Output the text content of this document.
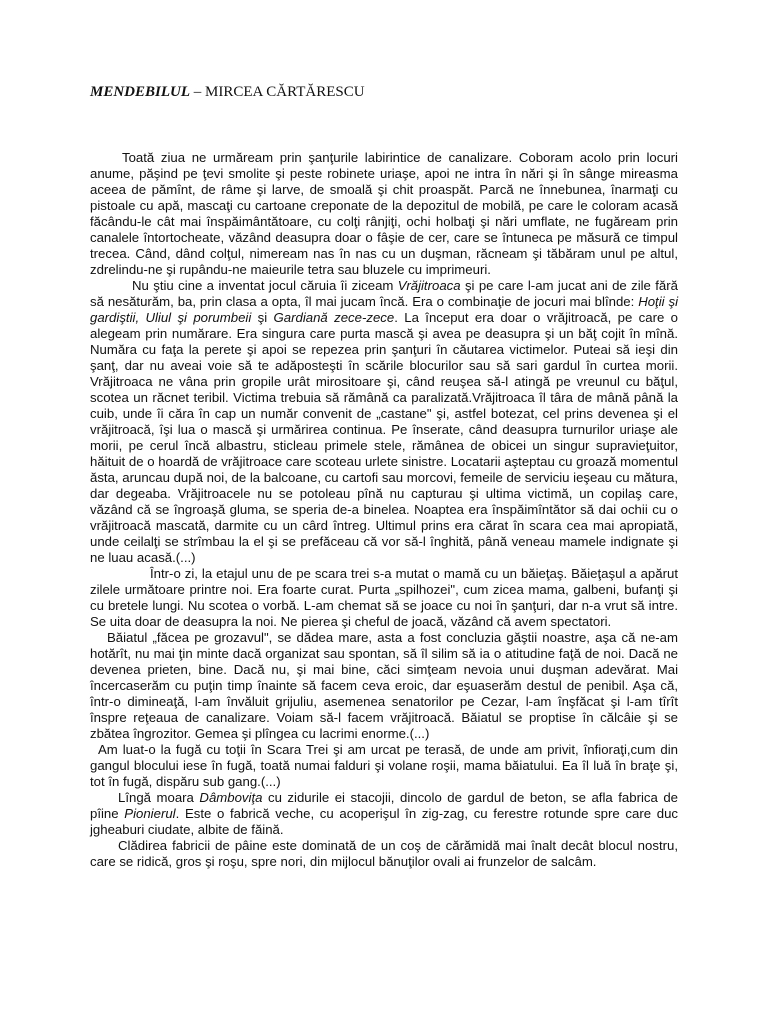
MENDEBILUL – MIRCEA CĂRTĂRESCU

Toată ziua ne urmăream prin şanţurile labirintice de canalizare. Coboram acolo prin locuri anume, păşind pe ţevi smolite şi peste robinete uriaşe, apoi ne intra în nări şi în sânge mireasma aceea de pămînt, de râme şi larve, de smoală şi chit proaspăt. Parcă ne înnebunea, înarmaţi cu pistoale cu apă, mascaţi cu cartoane creponate de la depozitul de mobilă, pe care le coloram acasă făcându-le cât mai înspăimântătoare, cu colţi rânjiţi, ochi holbaţi şi nări umflate, ne fugăream prin canalele întortocheate, văzând deasupra doar o fâşie de cer, care se întuneca pe măsură ce timpul trecea. Când, dând colţul, nimeream nas în nas cu un duşman, răcneam şi tăbăram unul pe altul, zdrelindu-ne şi rupându-ne maieurile tetra sau bluzele cu imprimeuri.

Nu ştiu cine a inventat jocul căruia îi ziceam Vrăjitroaca şi pe care l-am jucat ani de zile fără să nesăturăm, ba, prin clasa a opta, îl mai jucam încă. Era o combinaţie de jocuri mai blînde: Hoţii şi gardiştii, Uliul şi porumbeii şi Gardiană zece-zece. La început era doar o vrăjitroacă, pe care o alegeam prin numărare. Era singura care purta mască şi avea pe deasupra şi un băţ cojit în mînă. Număra cu faţa la perete şi apoi se repezea prin şanţuri în căutarea victimelor. Puteai să ieşi din şanţ, dar nu aveai voie să te adăposteşti în scările blocurilor sau să sari gardul în curtea morii. Vrăjitroaca ne vâna prin gropile urât mirositoare şi, când reuşea să-l atingă pe vreunul cu băţul, scotea un răcnet teribil. Victima trebuia să rămână ca paralizată.Vrăjitroaca îl târa de mână până la cuib, unde îi căra în cap un număr convenit de „castane" şi, astfel botezat, cel prins devenea şi el vrăjitroacă, îşi lua o mască şi urmărirea continua. Pe înserate, când deasupra turnurilor uriaşe ale morii, pe cerul încă albastru, sticleau primele stele, rămânea de obicei un singur supravieţuitor, hăituit de o hoardă de vrăjitroace care scoteau urlete sinistre. Locatarii aşteptau cu groază momentul ăsta, aruncau după noi, de la balcoane, cu cartofi sau morcovi, femeile de serviciu ieşeau cu mătura, dar degeaba. Vrăjitroacele nu se potoleau pînă nu capturau şi ultima victimă, un copilaş care, văzând că se îngroaşă gluma, se speria de-a binelea. Noaptea era înspăimîntător să dai ochii cu o vrăjitroacă mascată, darmite cu un cârd întreg. Ultimul prins era cărat în scara cea mai apropiată, unde ceilalţi se strîmbau la el şi se prefăceau că vor să-l înghită, până veneau mamele indignate şi ne luau acasă.(...)

Într-o zi, la etajul unu de pe scara trei s-a mutat o mamă cu un băieţaş. Băieţaşul a apărut zilele următoare printre noi. Era foarte curat. Purta „spilhozei", cum zicea mama, galbeni, bufanţi şi cu bretele lungi. Nu scotea o vorbă. L-am chemat să se joace cu noi în şanţuri, dar n-a vrut să intre. Se uita doar de deasupra la noi. Ne pierea şi cheful de joacă, văzând că avem spectatori.

Băiatul „făcea pe grozavul", se dădea mare, asta a fost concluzia găştii noastre, aşa că ne-am hotărît, nu mai ţin minte dacă organizat sau spontan, să îl silim să ia o atitudine faţă de noi. Dacă ne devenea prieten, bine. Dacă nu, şi mai bine, căci simţeam nevoia unui duşman adevărat. Mai încercaserăm cu puţin timp înainte să facem ceva eroic, dar eşuaserăm destul de penibil. Aşa că, într-o dimineaţă, l-am învăluit grijuliu, asemenea senatorilor pe Cezar, l-am înşfăcat şi l-am tîrît înspre reţeaua de canalizare. Voiam să-l facem vrăjitroacă. Băiatul se proptise în călcâie şi se zbătea îngrozitor. Gemea şi plîngea cu lacrimi enorme.(...)

Am luat-o la fugă cu toţii în Scara Trei şi am urcat pe terasă, de unde am privit, înfioraţi,cum din gangul blocului iese în fugă, toată numai falduri şi volane roşii, mama băiatului. Ea îl luă în braţe şi, tot în fugă, dispăru sub gang.(...)

Lîngă moara Dâmboviţa cu zidurile ei stacojii, dincolo de gardul de beton, se afla fabrica de pîine Pionierul. Este o fabrică veche, cu acoperişul în zig-zag, cu ferestre rotunde spre care duc jgheaburi ciudate, albite de făină.

Clădirea fabricii de pâine este dominată de un coş de cărămidă mai înalt decât blocul nostru, care se ridică, gros şi roşu, spre nori, din mijlocul bănuţilor ovali ai frunzelor de salcâm.
